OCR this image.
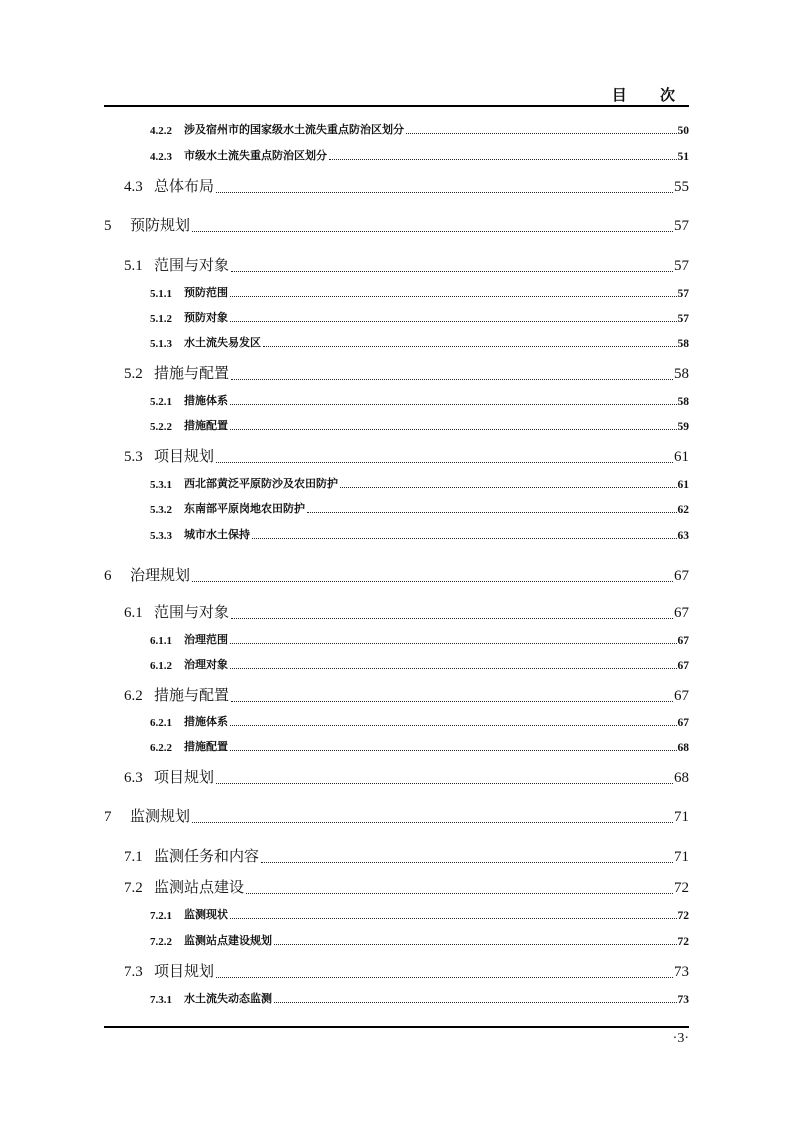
目 次
4.2.2	涉及宿州市的国家级水土流失重点防治区划分	50
4.2.3	市级水土流失重点防治区划分	51
4.3 总体布局	55
5	预防规划	57
5.1 范围与对象	57
5.1.1	预防范围	57
5.1.2	预防对象	57
5.1.3	水土流失易发区	58
5.2 措施与配置	58
5.2.1	措施体系	58
5.2.2	措施配置	59
5.3 项目规划	61
5.3.1	西北部黄泛平原防沙及农田防护	61
5.3.2	东南部平原岗地农田防护	62
5.3.3	城市水土保持	63
6	治理规划	67
6.1 范围与对象	67
6.1.1	治理范围	67
6.1.2	治理对象	67
6.2 措施与配置	67
6.2.1	措施体系	67
6.2.2	措施配置	68
6.3 项目规划	68
7	监测规划	71
7.1 监测任务和内容	71
7.2 监测站点建设	72
7.2.1	监测现状	72
7.2.2	监测站点建设规划	72
7.3 项目规划	73
7.3.1	水土流失动态监测	73
·3·
